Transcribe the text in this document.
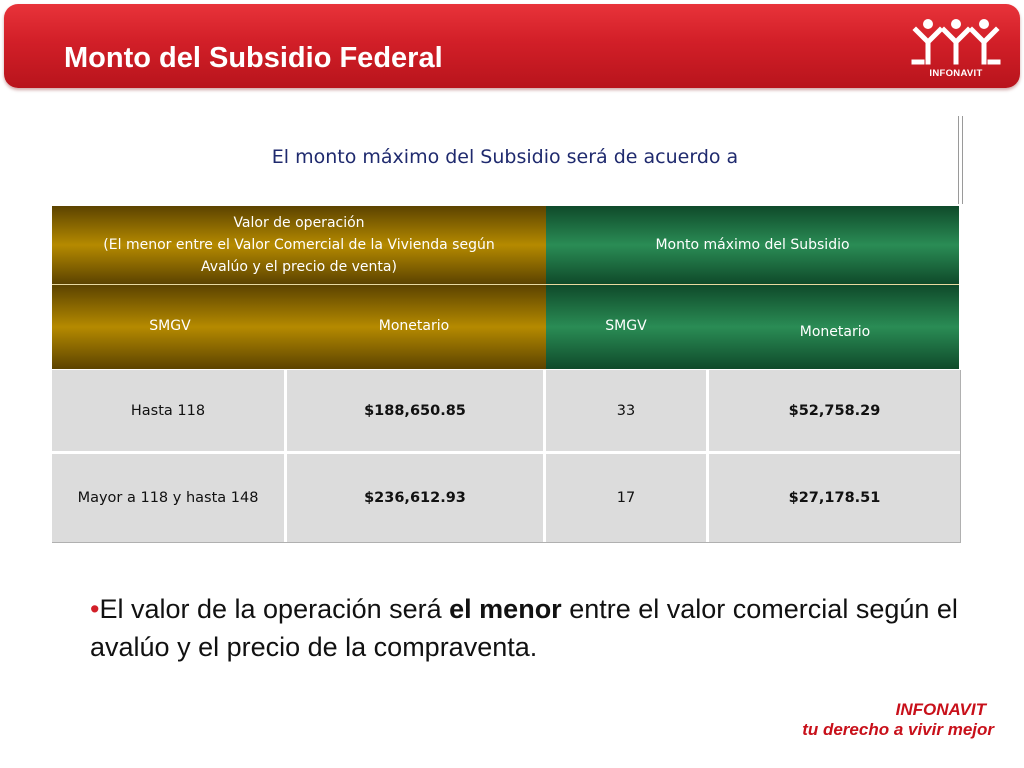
Monto del Subsidio Federal	INFONAVIT
El monto máximo del Subsidio será de acuerdo a
Valor de operación
(El menor entre el Valor Comercial de la Vivienda según
Avalúo y el precio de venta)
Monto máximo del Subsidio
SMGV	Monetario	SMGV	Monetario
Hasta 118	$188,650.85	33	$52,758.29
Mayor a 118 y hasta 148	$236,612.93	17	$27,178.51
•El valor de la operación será el menor entre el valor comercial según el avalúo y el precio de la compraventa.
INFONAVIT
tu derecho a vivir mejor
